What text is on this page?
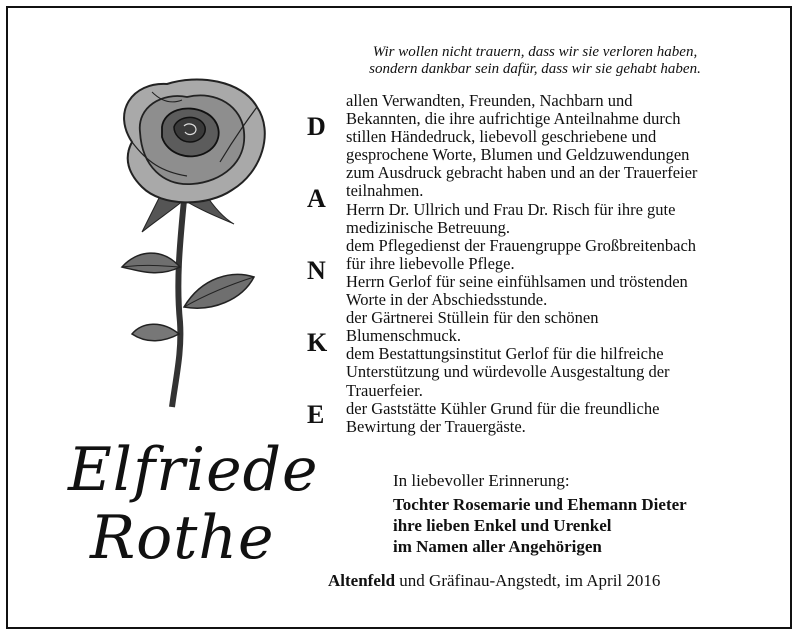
Wir wollen nicht trauern, dass wir sie verloren haben,
sondern dankbar sein dafür, dass wir sie gehabt haben.
D
A
N
K
E
allen Verwandten, Freunden, Nachbarn und
Bekannten, die ihre aufrichtige Anteilnahme durch
stillen Händedruck, liebevoll geschriebene und
gesprochene Worte, Blumen und Geldzuwendungen
zum Ausdruck gebracht haben und an der Trauerfeier
teilnahmen.
Herrn Dr. Ullrich und Frau Dr. Risch für ihre gute
medizinische Betreuung.
dem Pflegedienst der Frauengruppe Großbreitenbach
für ihre liebevolle Pflege.
Herrn Gerlof für seine einfühlsamen und tröstenden
Worte in der Abschiedsstunde.
der Gärtnerei Stüllein für den schönen
Blumenschmuck.
dem Bestattungsinstitut Gerlof für die hilfreiche
Unterstützung und würdevolle Ausgestaltung der
Trauerfeier.
der Gaststätte Kühler Grund für die freundliche
Bewirtung der Trauergäste.
Elfriede
Rothe
In liebevoller Erinnerung:
Tochter Rosemarie und Ehemann Dieter
ihre lieben Enkel und Urenkel
im Namen aller Angehörigen
Altenfeld und Gräfinau-Angstedt, im April 2016
